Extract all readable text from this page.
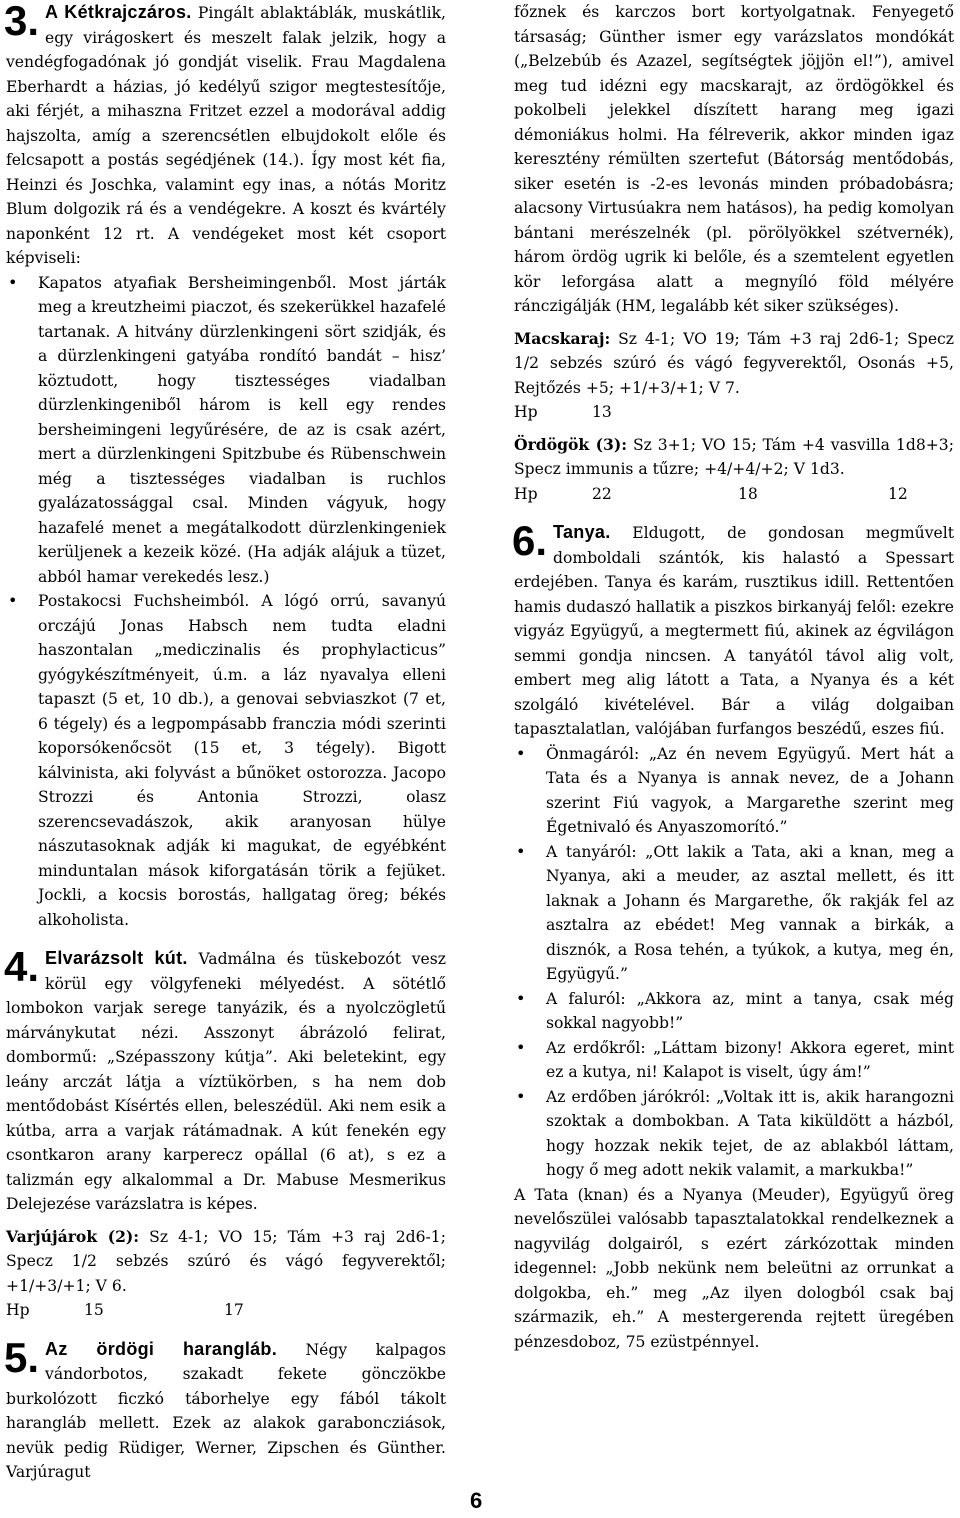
3. A Kétkrajczáros. Pingált ablaktáblák, muskátlik, egy virágoskert és meszelt falak jelzik, hogy a vendégfogadónak jó gondját viselik. Frau Magdalena Eberhardt a házias, jó kedélyű szigor megtestesítője, aki férjét, a mihaszna Fritzet ezzel a modorával addig hajszolta, amíg a szerencsétlen elbujdokolt előle és felcsapott a postás segédjének (14.). Így most két fia, Heinzi és Joschka, valamint egy inas, a nótás Moritz Blum dolgozik rá és a vendégekre. A koszt és kvártély naponként 12 rt. A vendégeket most két csoport képviseli:

• Kapatos atyafiak Bersheimingenből. Most járták meg a kreutzheimi piaczot, és szekerükkel hazafelé tartanak. A hitvány dürzlenkingeni sört szidják, és a dürzlenkingeni gatyába rondító bandát – hisz’ köztudott, hogy tisztességes viadalban dürzlenkingeniből három is kell egy rendes bersheimingeni legyűrésére, de az is csak azért, mert a dürzlenkingeni Spitzbube és Rübenschwein még a tisztességes viadalban is ruchlos gyalázatossággal csal. Minden vágyuk, hogy hazafelé menet a megátalkodott dürzlenkingeniek kerüljenek a kezeik közé. (Ha adják alájuk a tüzet, abból hamar verekedés lesz.)
• Postakocsi Fuchsheimból. A lógó orrú, savanyú orczájú Jonas Habsch nem tudta eladni haszontalan „mediczinalis és prophylacticus” gyógykészítményeit, ú.m. a láz nyavalya elleni tapaszt (5 et, 10 db.), a genovai sebviaszkot (7 et, 6 tégely) és a legpompásabb franczia módi szerinti koporsókenőcsöt (15 et, 3 tégely). Bigott kálvinista, aki folyvást a bűnöket ostorozza. Jacopo Strozzi és Antonia Strozzi, olasz szerencsevadászok, akik aranyosan hülye nászutasoknak adják ki magukat, de egyébként minduntalan mások kiforgatásán törik a fejüket. Jockli, a kocsis borostás, hallgatag öreg; békés alkoholista.
4. Elvarázsolt kút. Vadmálna és tüskebozót vesz körül egy völgyfeneki mélyedést. A sötétlő lombokon varjak serege tanyázik, és a nyolczögletű márványkutat nézi. Asszonyt ábrázoló felirat, dombormű: „Szépasszony kútja”. Aki beletekint, egy leány arczát látja a víztükörben, s ha nem dob mentődobást Kísértés ellen, beleszédül. Aki nem esik a kútba, arra a varjak rátámadnak. A kút fenekén egy csontkaron arany karperecz opállal (6 at), s ez a talizmán egy alkalommal a Dr. Mabuse Mesmerikus Delejezése varázslatra is képes.

Varjújárok (2): Sz 4-1; VO 15; Tám +3 raj 2d6-1; Specz 1/2 sebzés szúró és vágó fegyverektől; +1/+3/+1; V 6.

Hp	15	17
5. Az ördögi harangláb. Négy kalpagos vándorbotos, szakadt fekete gönczökbe burkolózott ficzkó táborhelye egy fából tákolt harangláb mellett. Ezek az alakok garaboncziások, nevük pedig Rüdiger, Werner, Zipschen és Günther. Varjúragut

főznek és karczos bort kortyolgatnak. Fenyegető társaság; Günther ismer egy varázslatos mondókát („Belzebúb és Azazel, segítségtek jöjjön el!”), amivel meg tud idézni egy macskarajt, az ördögökkel és pokolbeli jelekkel díszített harang meg igazi démoniákus holmi. Ha félreverik, akkor minden igaz keresztény rémülten szertefut (Bátorság mentődobás, siker esetén is -2-es levonás minden próbadobásra; alacsony Virtusúakra nem hatásos), ha pedig komolyan bántani merészelnék (pl. pörölyökkel szétvernék), három ördög ugrik ki belőle, és a szemtelent egyetlen kör leforgása alatt a megnyíló föld mélyére ránczigálják (HM, legalább két siker szükséges).

Macskaraj: Sz 4-1; VO 19; Tám +3 raj 2d6-1; Specz 1/2 sebzés szúró és vágó fegyverektől, Osonás +5, Rejtőzés +5; +1/+3/+1; V 7.

Hp	13

Ördögök (3): Sz 3+1; VO 15; Tám +4 vasvilla 1d8+3; Specz immunis a tűzre; +4/+4/+2; V 1d3.

Hp	22	18	12
6. Tanya. Eldugott, de gondosan megművelt domboldali szántók, kis halastó a Spessart erdejében. Tanya és karám, rusztikus idill. Rettentően hamis dudaszó hallatik a piszkos birkanyáj felől: ezekre vigyáz Együgyű, a megtermett fiú, akinek az égvilágon semmi gondja nincsen. A tanyától távol alig volt, embert meg alig látott a Tata, a Nyanya és a két szolgáló kivételével. Bár a világ dolgaiban tapasztalatlan, valójában furfangos beszédű, eszes fiú.

• Önmagáról: „Az én nevem Együgyű. Mert hát a Tata és a Nyanya is annak nevez, de a Johann szerint Fiú vagyok, a Margarethe szerint meg Égetnivaló és Anyaszomorító.”
• A tanyáról: „Ott lakik a Tata, aki a knan, meg a Nyanya, aki a meuder, az asztal mellett, és itt laknak a Johann és Margarethe, ők rakják fel az asztalra az ebédet! Meg vannak a birkák, a disznók, a Rosa tehén, a tyúkok, a kutya, meg én, Együgyű.”
• A faluról: „Akkora az, mint a tanya, csak még sokkal nagyobb!”
• Az erdőkről: „Láttam bizony! Akkora egeret, mint ez a kutya, ni! Kalapot is viselt, úgy ám!”
• Az erdőben járókról: „Voltak itt is, akik harangozni szoktak a dombokban. A Tata kiküldött a házból, hogy hozzak nekik tejet, de az ablakból láttam, hogy ő meg adott nekik valamit, a markukba!”

A Tata (knan) és a Nyanya (Meuder), Együgyű öreg nevelőszülei valósabb tapasztalatokkal rendelkeznek a nagyvilág dolgairól, s ezért zárkózottak minden idegennel: „Jobb nekünk nem beleütni az orrunkat a dolgokba, eh.” meg „Az ilyen dologból csak baj származik, eh.” A mestergerenda rejtett üregében pénzesdoboz, 75 ezüstpénnyel.

6
